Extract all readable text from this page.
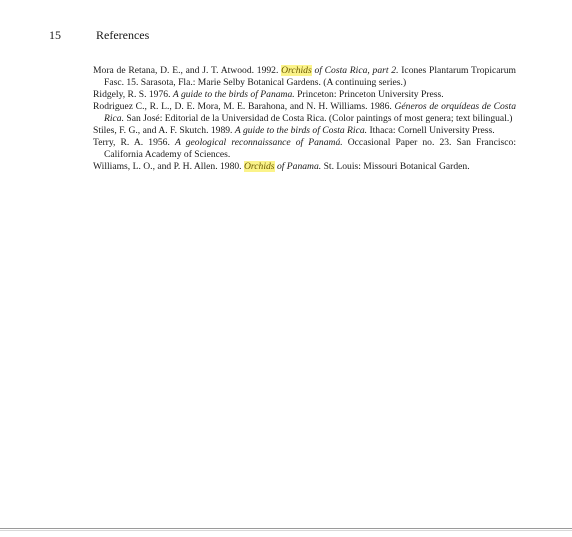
15	References
Mora de Retana, D. E., and J. T. Atwood. 1992. Orchids of Costa Rica, part 2. Icones Plantarum Tropicarum Fasc. 15. Sarasota, Fla.: Marie Selby Botanical Gardens. (A continuing series.)
Ridgely, R. S. 1976. A guide to the birds of Panama. Princeton: Princeton University Press.
Rodriguez C., R. L., D. E. Mora, M. E. Barahona, and N. H. Williams. 1986. Géneros de orquídeas de Costa Rica. San José: Editorial de la Universidad de Costa Rica. (Color paintings of most genera; text bilingual.)
Stiles, F. G., and A. F. Skutch. 1989. A guide to the birds of Costa Rica. Ithaca: Cornell University Press.
Terry, R. A. 1956. A geological reconnaissance of Panamá. Occasional Paper no. 23. San Francisco: California Academy of Sciences.
Williams, L. O., and P. H. Allen. 1980. Orchids of Panama. St. Louis: Missouri Botanical Garden.
